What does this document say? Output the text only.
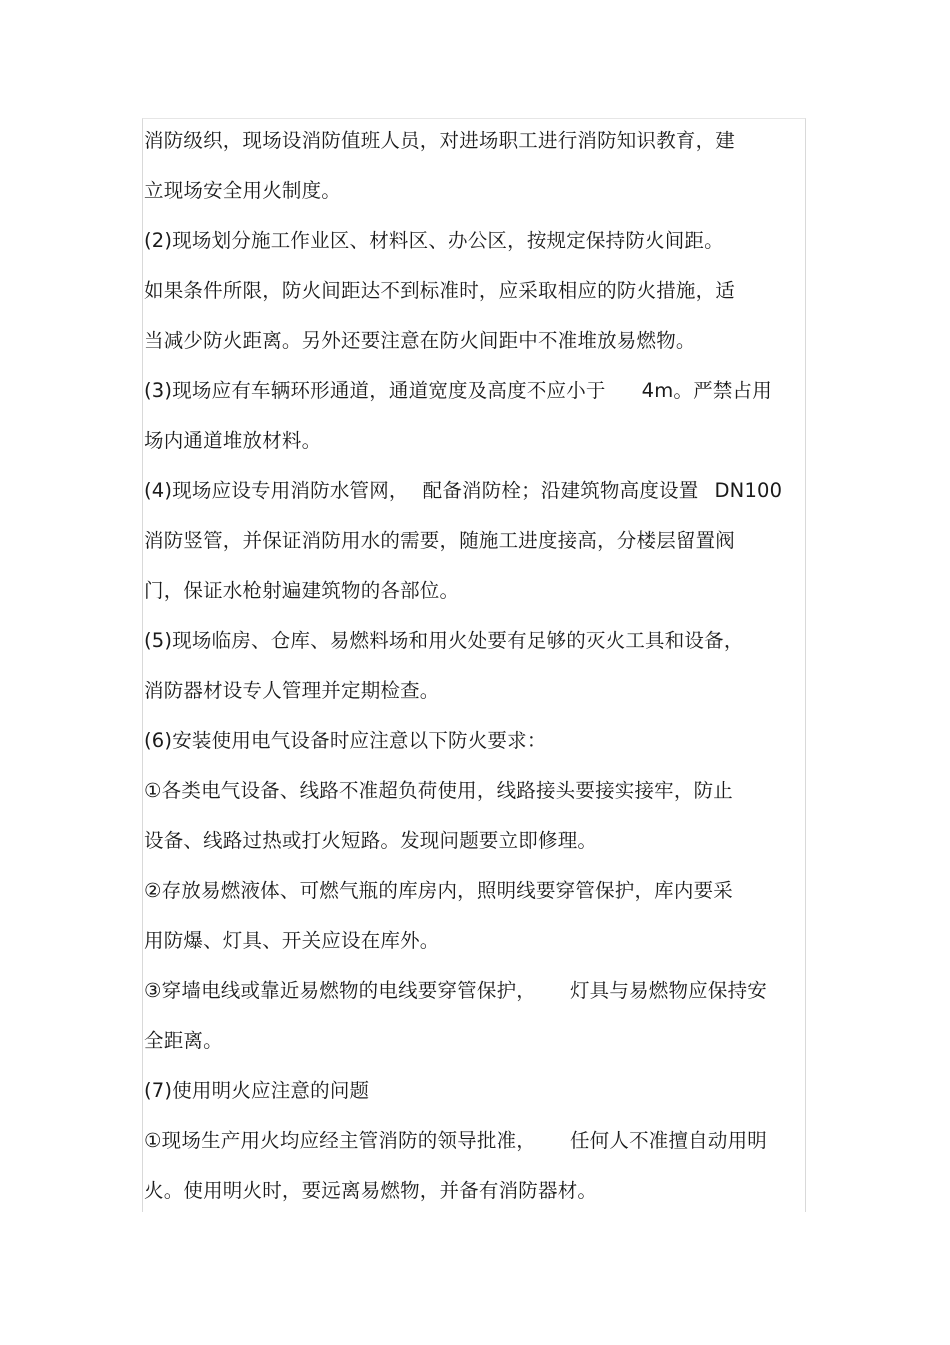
消防级织，现场设消防值班人员，对进场职工进行消防知识教育，建
立现场安全用火制度。
(2)现场划分施工作业区、材料区、办公区，按规定保持防火间距。
如果条件所限，防火间距达不到标准时，应采取相应的防火措施，适
当减少防火距离。另外还要注意在防火间距中不准堆放易燃物。
(3)现场应有车辆环形通道，通道宽度及高度不应小于 4m。严禁占用
场内通道堆放材料。
(4)现场应设专用消防水管网， 配备消防栓；沿建筑物高度设置 DN100
消防竖管，并保证消防用水的需要，随施工进度接高，分楼层留置阀
门，保证水枪射遍建筑物的各部位。
(5)现场临房、仓库、易燃料场和用火处要有足够的灭火工具和设备，
消防器材设专人管理并定期检查。
(6)安装使用电气设备时应注意以下防火要求：
①各类电气设备、线路不准超负荷使用，线路接头要接实接牢，防止
设备、线路过热或打火短路。发现问题要立即修理。
②存放易燃液体、可燃气瓶的库房内，照明线要穿管保护，库内要采
用防爆、灯具、开关应设在库外。
③穿墙电线或靠近易燃物的电线要穿管保护， 灯具与易燃物应保持安
全距离。
(7)使用明火应注意的问题
①现场生产用火均应经主管消防的领导批准， 任何人不准擅自动用明
火。使用明火时，要远离易燃物，并备有消防器材。
